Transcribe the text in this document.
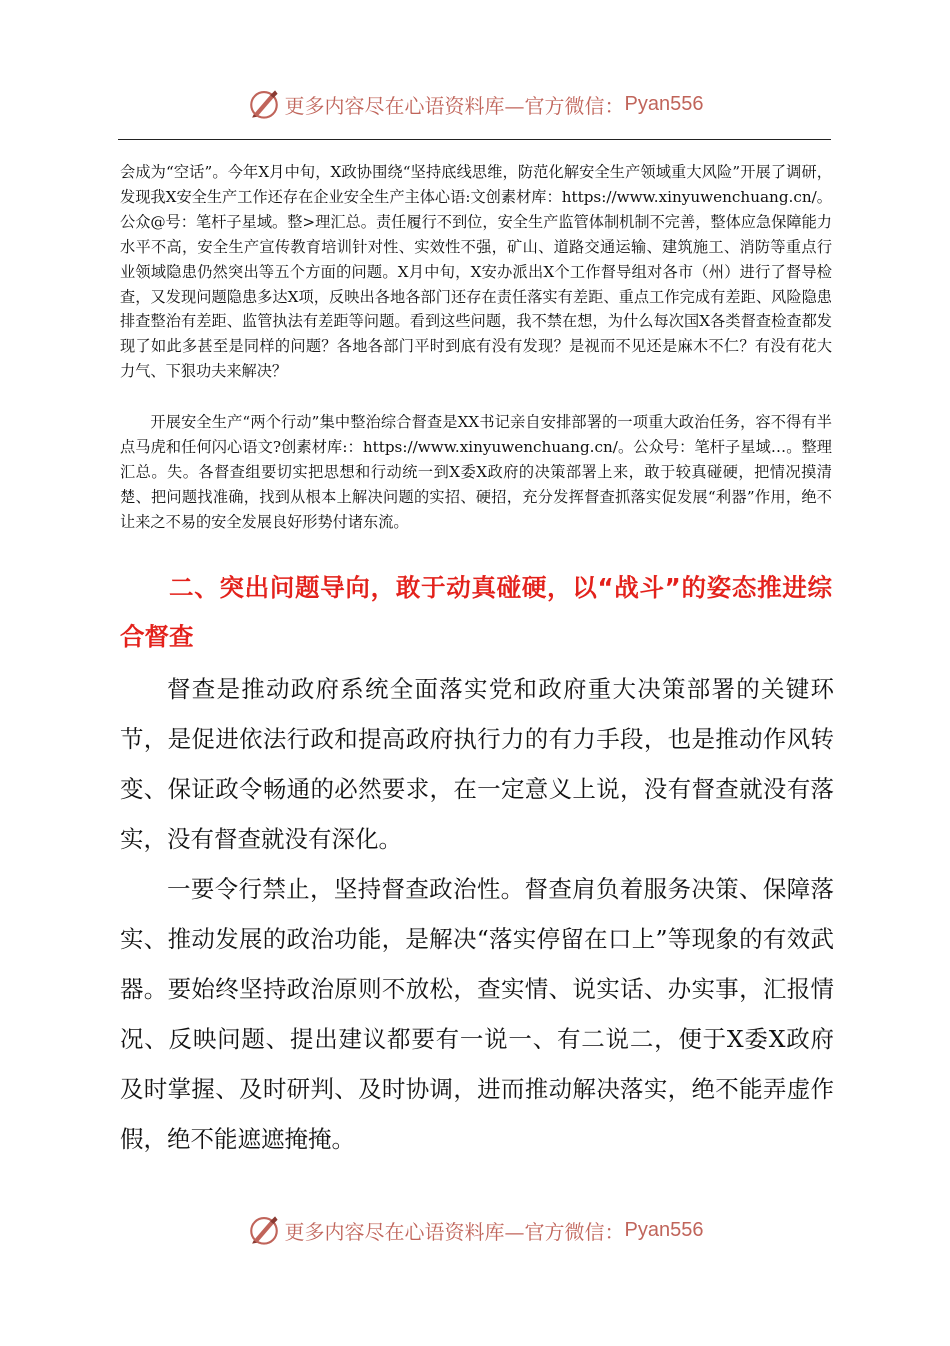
更多内容尽在心语资料库—官方微信： Pyan556
会成为“空话”。今年X月中旬，X政协围绕“坚持底线思维，防范化解安全生产领域重大风险”开展了调研，发现我X安全生产工作还存在企业安全生产主体心语:文创素材库：https://www.xinyuwenchuang.cn/。公众@号：笔杆子星域。整>理汇总。责任履行不到位，安全生产监管体制机制不完善，整体应急保障能力水平不高，安全生产宣传教育培训针对性、实效性不强，矿山、道路交通运输、建筑施工、消防等重点行业领域隐患仍然突出等五个方面的问题。X月中旬，X安办派出X个工作督导组对各市（州）进行了督导检查，又发现问题隐患多达X项，反映出各地各部门还存在责任落实有差距、重点工作完成有差距、风险隐患排查整治有差距、监管执法有差距等问题。看到这些问题，我不禁在想，为什么每次国X各类督查检查都发现了如此多甚至是同样的问题？各地各部门平时到底有没有发现？是视而不见还是麻木不仁？有没有花大力气、下狠功夫来解决？
开展安全生产“两个行动”集中整治综合督查是XX书记亲自安排部署的一项重大政治任务，容不得有半点马虎和任何闪心语文?创素材库:：https://www.xinyuwenchuang.cn/。公众号：笔杆子星域…。整理汇总。失。各督查组要切实把思想和行动统一到X委X政府的决策部署上来，敢于较真碰硬，把情况摸清楚、把问题找准确，找到从根本上解决问题的实招、硬招，充分发挥督查抓落实促发展“利器”作用，绝不让来之不易的安全发展良好形势付诸东流。
二、突出问题导向，敢于动真碰硬，以“战斗”的姿态推进综合督查
督查是推动政府系统全面落实党和政府重大决策部署的关键环节，是促进依法行政和提高政府执行力的有力手段，也是推动作风转变、保证政令畅通的必然要求，在一定意义上说，没有督查就没有落实，没有督查就没有深化。
一要令行禁止，坚持督查政治性。督查肩负着服务决策、保障落实、推动发展的政治功能，是解决“落实停留在口上”等现象的有效武器。要始终坚持政治原则不放松，查实情、说实话、办实事，汇报情况、反映问题、提出建议都要有一说一、有二说二，便于X委X政府及时掌握、及时研判、及时协调，进而推动解决落实，绝不能弄虚作假，绝不能遮遮掩掩。
更多内容尽在心语资料库—官方微信： Pyan556
